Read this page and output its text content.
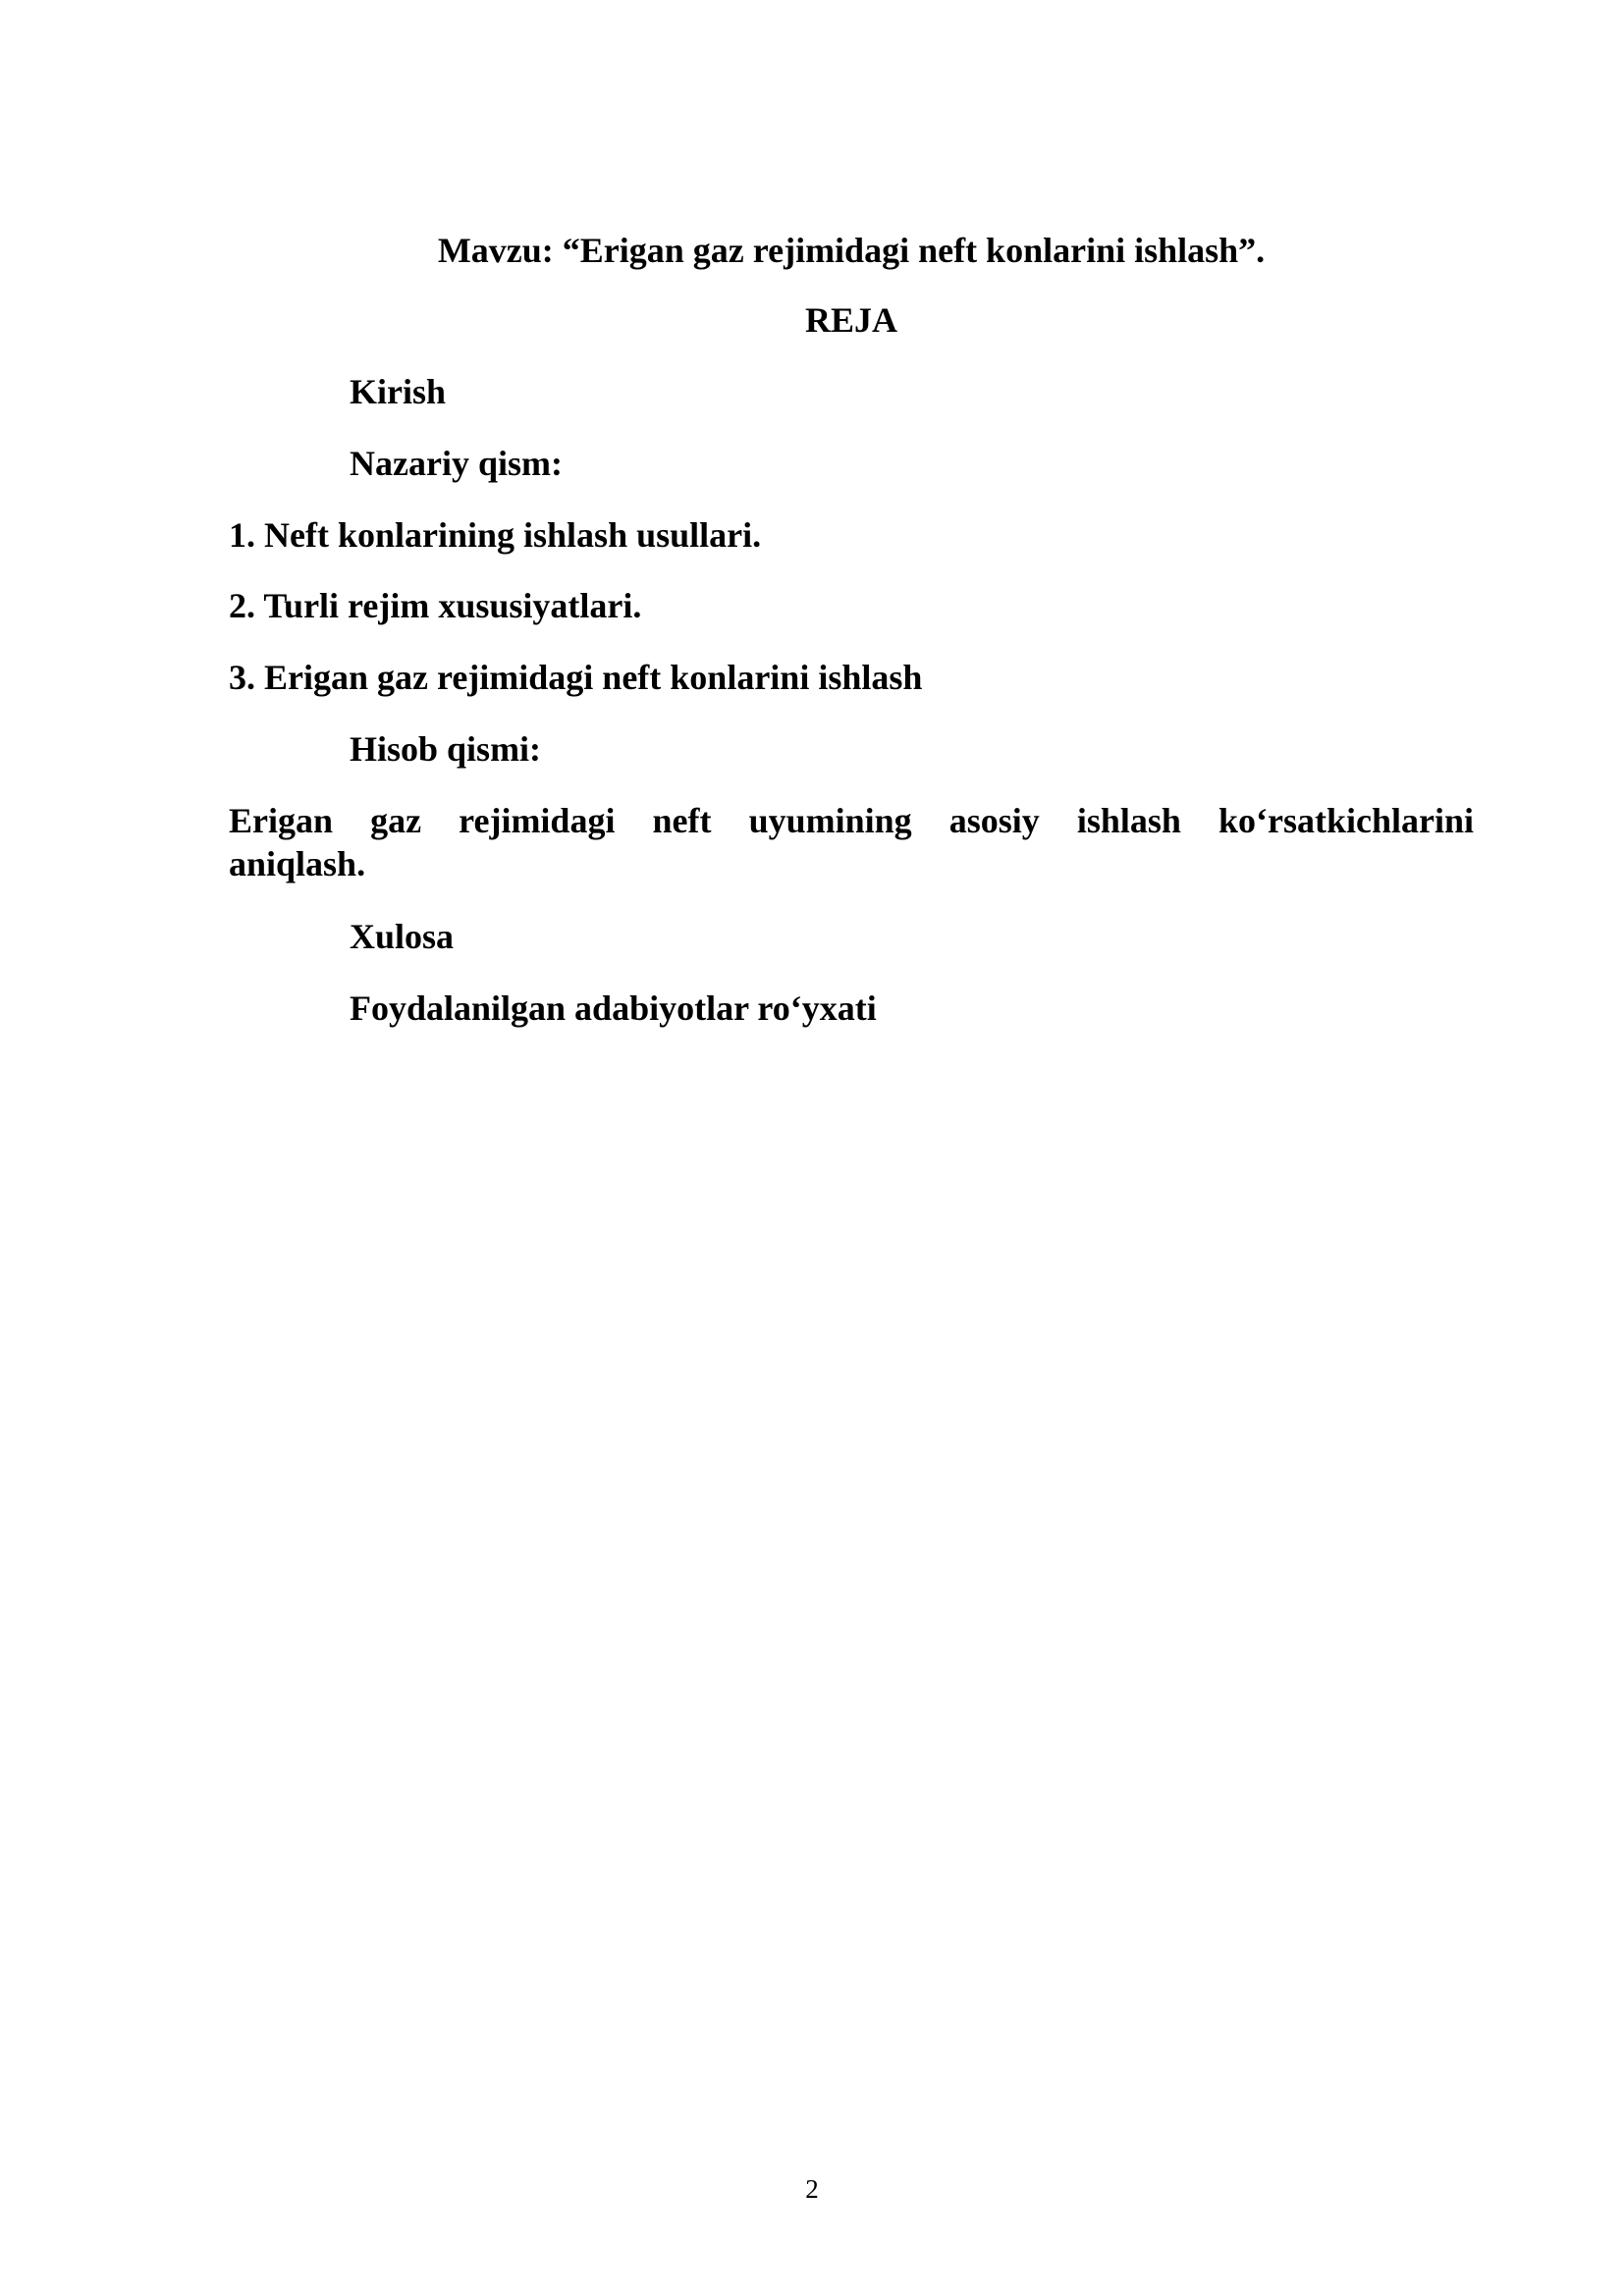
Mavzu: “Erigan gaz rejimidagi neft konlarini ishlash”.
REJA
Kirish
Nazariy qism:
1. Neft konlarining ishlash usullari.
2. Turli rejim xususiyatlari.
3. Erigan gaz rejimidagi neft konlarini ishlash
Hisob qismi:
Erigan gaz rejimidagi neft uyumining asosiy ishlash ko‘rsatkichlarini
aniqlash.
Xulosa
Foydalanilgan adabiyotlar ro‘yxati
2
